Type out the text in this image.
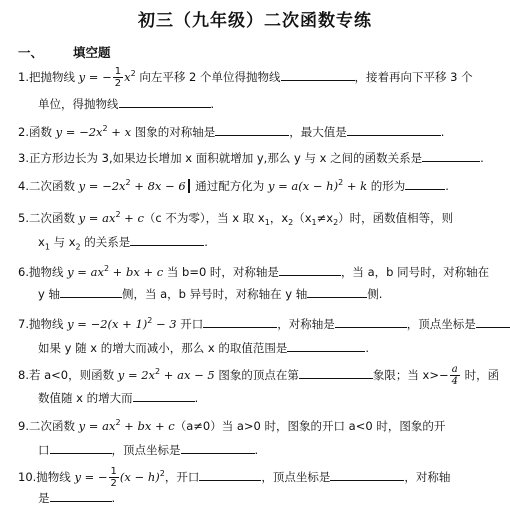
初三（九年级）二次函数专练
一、 填空题
1.把抛物线 y = − $\frac{1}{2} x^2$ 向左平移 2 个单位得抛物线	，接着再向下平移 3 个
单位，得抛物线	.
2.函数 $y = -2x^2 + x$ 图象的对称轴是	，最大值是	.
3.正方形边长为 3,如果边长增加 x 面积就增加 y,那么 y 与 x 之间的函数关系是	.
4.二次函数 $y = -2x^2 + 8x - 6$ 通过配方化为 $y = a(x - h)^2 + k$ 的形为	.
5.二次函数 $y = ax^2 + c(c$ 不为零），当 x 取 $x_1$，$x_2(x_1\ne x_2)$时，函数值相等，则
$x_1$ 与 $x_2$ 的关系是	.
6.抛物线 $y = ax^2$ + bx + c 当 b=0 时，对称轴是	，当 a，b 同号时，对称轴在
y 轴	侧，当 a，b 异号时，对称轴在 y 轴	侧.
7.抛物线 $y = -2(x + 1)^2 - 3$ 开口	，对称轴是	，顶点坐标是
如果 y 随 x 的增大而减小，那么 x 的取值范围是	.
8.若 a<0，则函数 $y = 2x^2$ + ax − 5 图象的顶点在第	象限；当 $x>- \frac{a}{4}$ 时，函
数值随 x 的增大而	.
9.二次函数 $y = ax^2$ + bx + c（a≠0）当 a>0 时，图象的开口 a<0 时，图象的开
口	，顶点坐标是	.
10.抛物线 y = − $\frac{1}{2} (x - h)^2$，开口	，顶点坐标是	，对称轴
是	.
